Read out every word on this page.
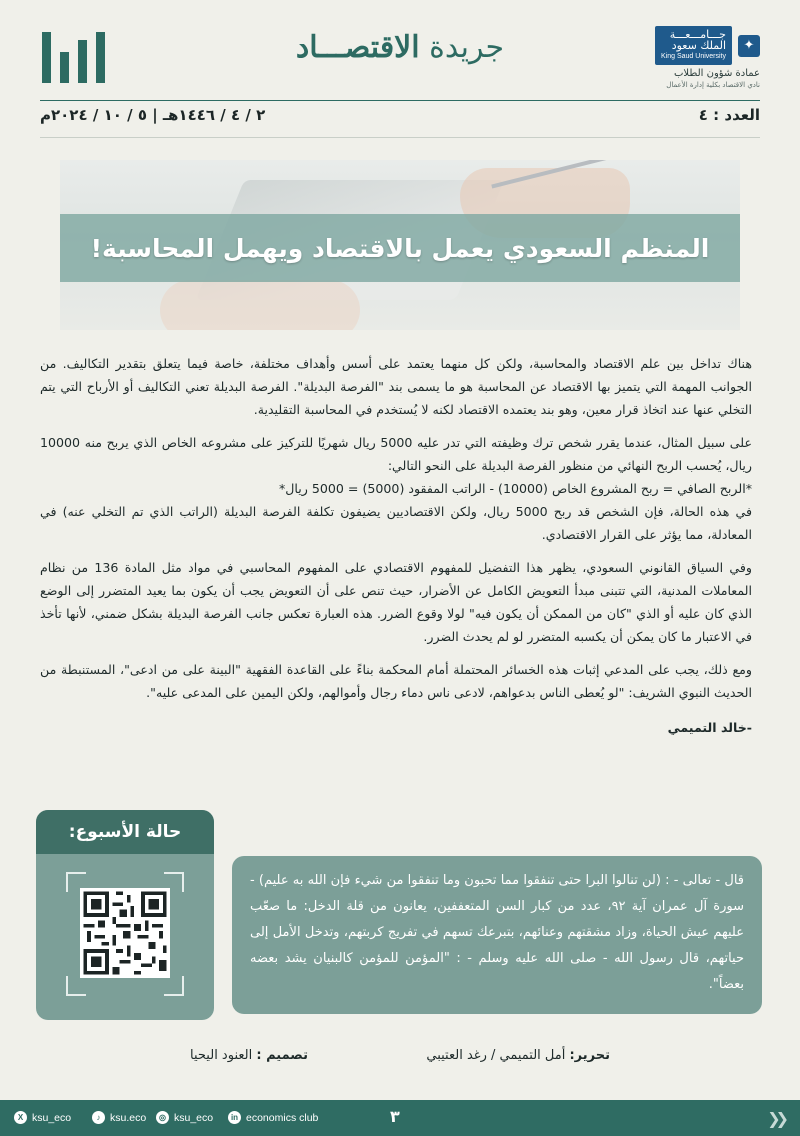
جريدة الاقتصـــاد	جـــامـــعـــة
الملك سعود
King Saud University
✦
عمادة شؤون الطلاب
نادي الاقتصاد بكلية إدارة الأعمال
العدد : ٤
٢ / ٤ / ١٤٤٦هـ | ٥ / ١٠ / ٢٠٢٤م
المنظم السعودي يعمل بالاقتصاد ويهمل المحاسبة!

هناك تداخل بين علم الاقتصاد والمحاسبة، ولكن كل منهما يعتمد على أسس وأهداف مختلفة، خاصة فيما يتعلق بتقدير التكاليف. من الجوانب المهمة التي يتميز بها الاقتصاد عن المحاسبة هو ما يسمى بند "الفرصة البديلة". الفرصة البديلة تعني التكاليف أو الأرباح التي يتم التخلي عنها عند اتخاذ قرار معين، وهو بند يعتمده الاقتصاد لكنه لا يُستخدم في المحاسبة التقليدية.

على سبيل المثال، عندما يقرر شخص ترك وظيفته التي تدر عليه 5000 ريال شهريًا للتركيز على مشروعه الخاص الذي يربح منه 10000 ريال، يُحسب الربح النهائي من منظور الفرصة البديلة على النحو التالي:

*الربح الصافي = ربح المشروع الخاص (10000) - الراتب المفقود (5000) = 5000 ريال*

في هذه الحالة، فإن الشخص قد ربح 5000 ريال، ولكن الاقتصاديين يضيفون تكلفة الفرصة البديلة (الراتب الذي تم التخلي عنه) في المعادلة، مما يؤثر على القرار الاقتصادي.

وفي السياق القانوني السعودي، يظهر هذا التفضيل للمفهوم الاقتصادي على المفهوم المحاسبي في مواد مثل المادة 136 من نظام المعاملات المدنية، التي تتبنى مبدأ التعويض الكامل عن الأضرار، حيث تنص على أن التعويض يجب أن يكون بما يعيد المتضرر إلى الوضع الذي كان عليه أو الذي "كان من الممكن أن يكون فيه" لولا وقوع الضرر. هذه العبارة تعكس جانب الفرصة البديلة بشكل ضمني، لأنها تأخذ في الاعتبار ما كان يمكن أن يكسبه المتضرر لو لم يحدث الضرر.

ومع ذلك، يجب على المدعي إثبات هذه الخسائر المحتملة أمام المحكمة بناءً على القاعدة الفقهية "البينة على من ادعى"، المستنبطة من الحديث النبوي الشريف: "لو يُعطى الناس بدعواهم، لادعى ناس دماء رجال وأموالهم، ولكن اليمين على المدعى عليه".

-خالد التميمي
حالة الأسبوع:
قال - تعالى - : (لن تنالوا البرا حتى تنفقوا مما تحبون وما تنفقوا من شيء فإن الله به عليم) - سورة آل عمران آية ٩٢، عدد من كبار السن المتعففين، يعانون من قلة الدخل: ما صعّب عليهم عيش الحياة، وزاد مشقتهم وعنائهم، بتبرعك تسهم في تفريج كربتهم، وتدخل الأمل إلى حياتهم، قال رسول الله - صلى الله عليه وسلم - : "المؤمن للمؤمن كالبنيان يشد بعضه بعضاً".
تحرير: أمل التميمي / رغد العتيبي
تصميم : العنود اليحيا
X ksu_eco	♪ ksu.eco	◎ ksu_eco	in economics club	٣	❯❯
